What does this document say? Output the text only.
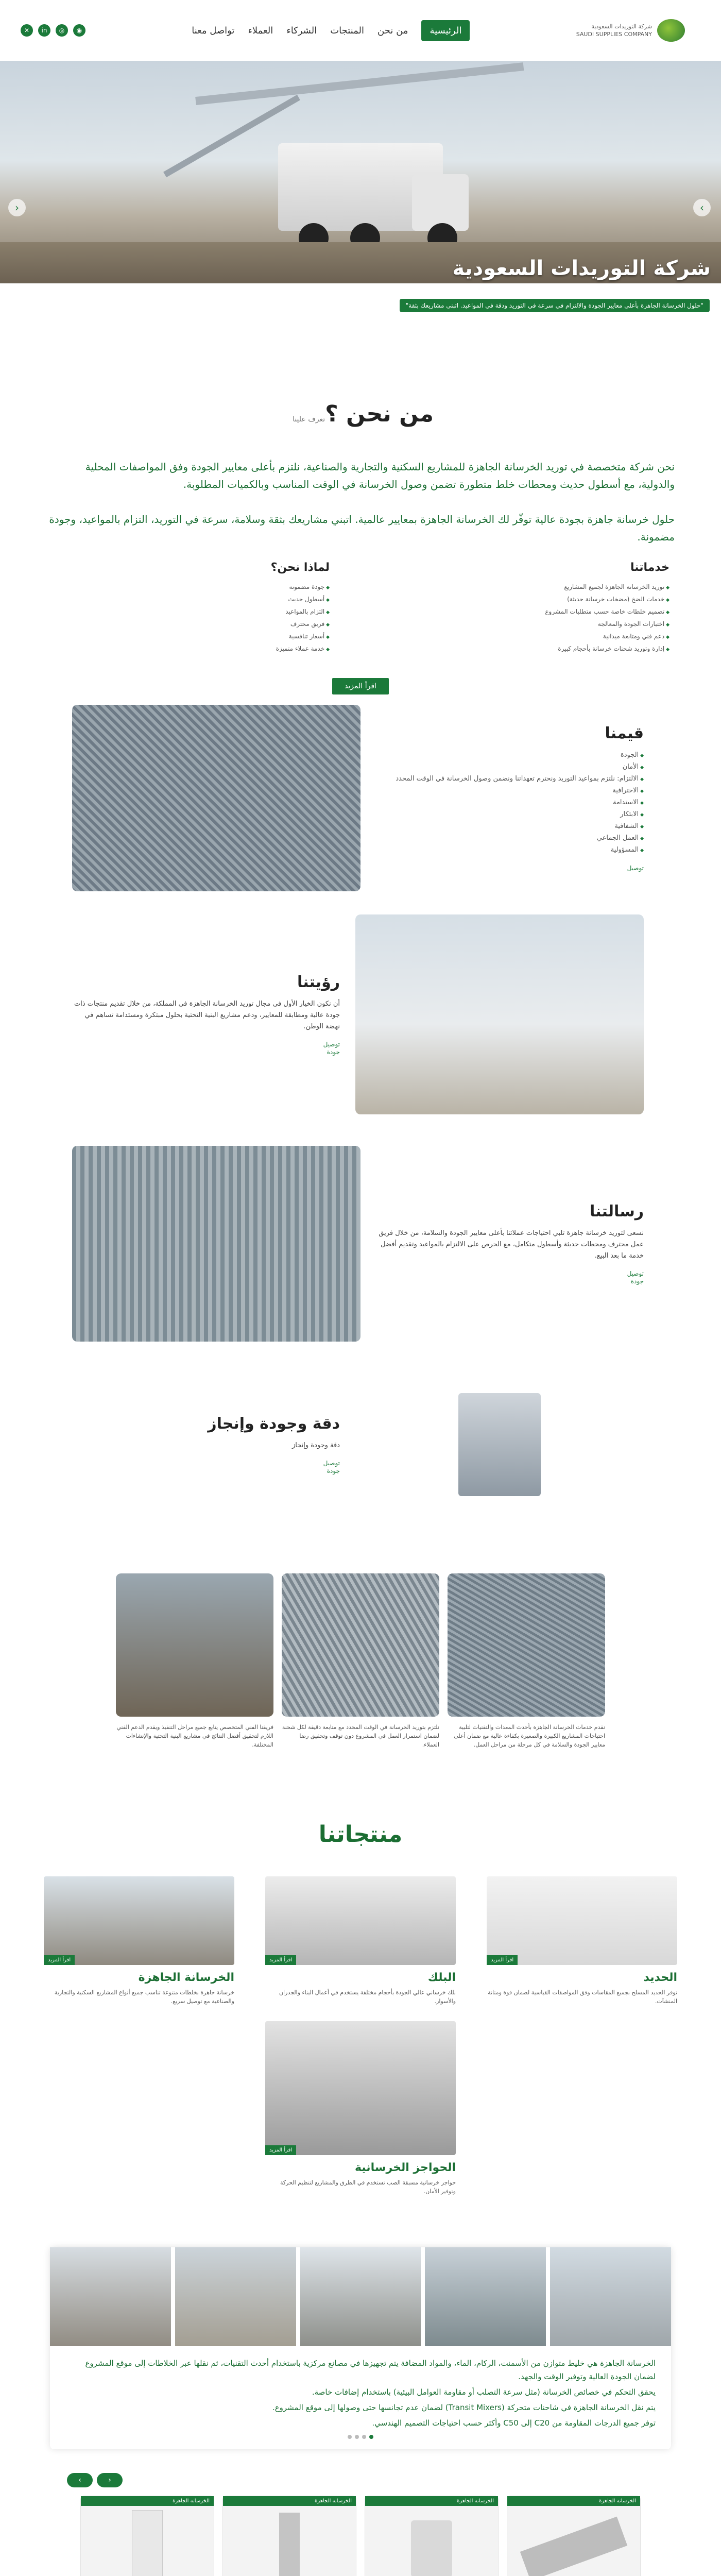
شركة التوريدات السعودية
SAUDI SUPPLIES COMPANY
الرئيسية
من نحن
المنتجات
الشركاء
العملاء
تواصل معنا
◉
◎
in
✕
‹	›
شركة التوريدات السعودية
"حلول الخرسانة الجاهزة بأعلى معايير الجودة والالتزام في سرعة في التوريد ودقة في المواعيد. اتبنى مشاريعك بثقة"
من نحن ؟تعرف علينا

نحن شركة متخصصة في توريد الخرسانة الجاهزة للمشاريع السكنية والتجارية والصناعية، نلتزم بأعلى معايير الجودة وفق المواصفات المحلية والدولية، مع أسطول حديث ومحطات خلط متطورة تضمن وصول الخرسانة في الوقت المناسب وبالكميات المطلوبة.

حلول خرسانة جاهزة بجودة عالية توفّر لك الخرسانة الجاهزة بمعايير عالمية. اتبني مشاريعك بثقة وسلامة، سرعة في التوريد، التزام بالمواعيد، وجودة مضمونة.

خدماتنا
◆ توريد الخرسانة الجاهزة لجميع المشاريع
◆ خدمات الضخ (مضخات خرسانة حديثة)
◆ تصميم خلطات خاصة حسب متطلبات المشروع
◆ اختبارات الجودة والمعالجة
◆ دعم فني ومتابعة ميدانية
◆ إدارة وتوريد شحنات خرسانة بأحجام كبيرة
لماذا نحن؟
◆ جودة مضمونة
◆ أسطول حديث
◆ التزام بالمواعيد
◆ فريق محترف
◆ أسعار تنافسية
◆ خدمة عملاء متميزة
اقرأ المزيد
قيمنا
◆ الجودة
◆ الأمان
◆ الالتزام: نلتزم بمواعيد التوريد ونحترم تعهداتنا ونضمن وصول الخرسانة في الوقت المحدد
◆ الاحترافية
◆ الاستدامة
◆ الابتكار
◆ الشفافية
◆ العمل الجماعي
◆ المسؤولية
توصيل
رؤيتنا

أن نكون الخيار الأول في مجال توريد الخرسانة الجاهزة في المملكة، من خلال تقديم منتجات ذات جودة عالية ومطابقة للمعايير، ودعم مشاريع البنية التحتية بحلول مبتكرة ومستدامة تساهم في نهضة الوطن.

توصيل
جودة
رسالتنا

نسعى لتوريد خرسانة جاهزة تلبي احتياجات عملائنا بأعلى معايير الجودة والسلامة، من خلال فريق عمل محترف ومحطات حديثة وأسطول متكامل، مع الحرص على الالتزام بالمواعيد وتقديم أفضل خدمة ما بعد البيع.

توصيل
جودة
دقة وجودة وإنجاز

دقة وجودة وإنجاز

توصيل
جودة

نقدم خدمات الخرسانة الجاهزة بأحدث المعدات والتقنيات لتلبية احتياجات المشاريع الكبيرة والصغيرة بكفاءة عالية مع ضمان أعلى معايير الجودة والسلامة في كل مرحلة من مراحل العمل.

نلتزم بتوريد الخرسانة في الوقت المحدد مع متابعة دقيقة لكل شحنة لضمان استمرار العمل في المشروع دون توقف وتحقيق رضا العملاء.

فريقنا الفني المتخصص يتابع جميع مراحل التنفيذ ويقدم الدعم الفني اللازم لتحقيق أفضل النتائج في مشاريع البنية التحتية والإنشاءات المختلفة.

منتجاتنا
اقرأ المزيد
الحديد

نوفر الحديد المسلح بجميع المقاسات وفق المواصفات القياسية لضمان قوة ومتانة المنشآت.

اقرأ المزيد
البلك

بلك خرساني عالي الجودة بأحجام مختلفة يستخدم في أعمال البناء والجدران والأسوار.

اقرأ المزيد
الخرسانة الجاهزة

خرسانة جاهزة بخلطات متنوعة تناسب جميع أنواع المشاريع السكنية والتجارية والصناعية مع توصيل سريع.

اقرأ المزيد
الحواجز الخرسانية

حواجز خرسانية مسبقة الصب تستخدم في الطرق والمشاريع لتنظيم الحركة وتوفير الأمان.

الخرسانة الجاهزة هي خليط متوازن من الأسمنت، الركام، الماء، والمواد المضافة يتم تجهيزها في مصانع مركزية باستخدام أحدث التقنيات، ثم نقلها عبر الخلاطات إلى موقع المشروع لضمان الجودة العالية وتوفير الوقت والجهد.

يحقق التحكم في خصائص الخرسانة (مثل سرعة التصلب أو مقاومة العوامل البيئية) باستخدام إضافات خاصة.

يتم نقل الخرسانة الجاهزة في شاحنات متحركة (Transit Mixers) لضمان عدم تجانسها حتى وصولها إلى موقع المشروع.

توفر جميع الدرجات المقاومة من C20 إلى C50 وأكثر حسب احتياجات التصميم الهندسي.

‹
›
الخرسانة الجاهزة

الخرسانة الجاهزة

الخرسانة الجاهزة

الخرسانة الجاهزة
